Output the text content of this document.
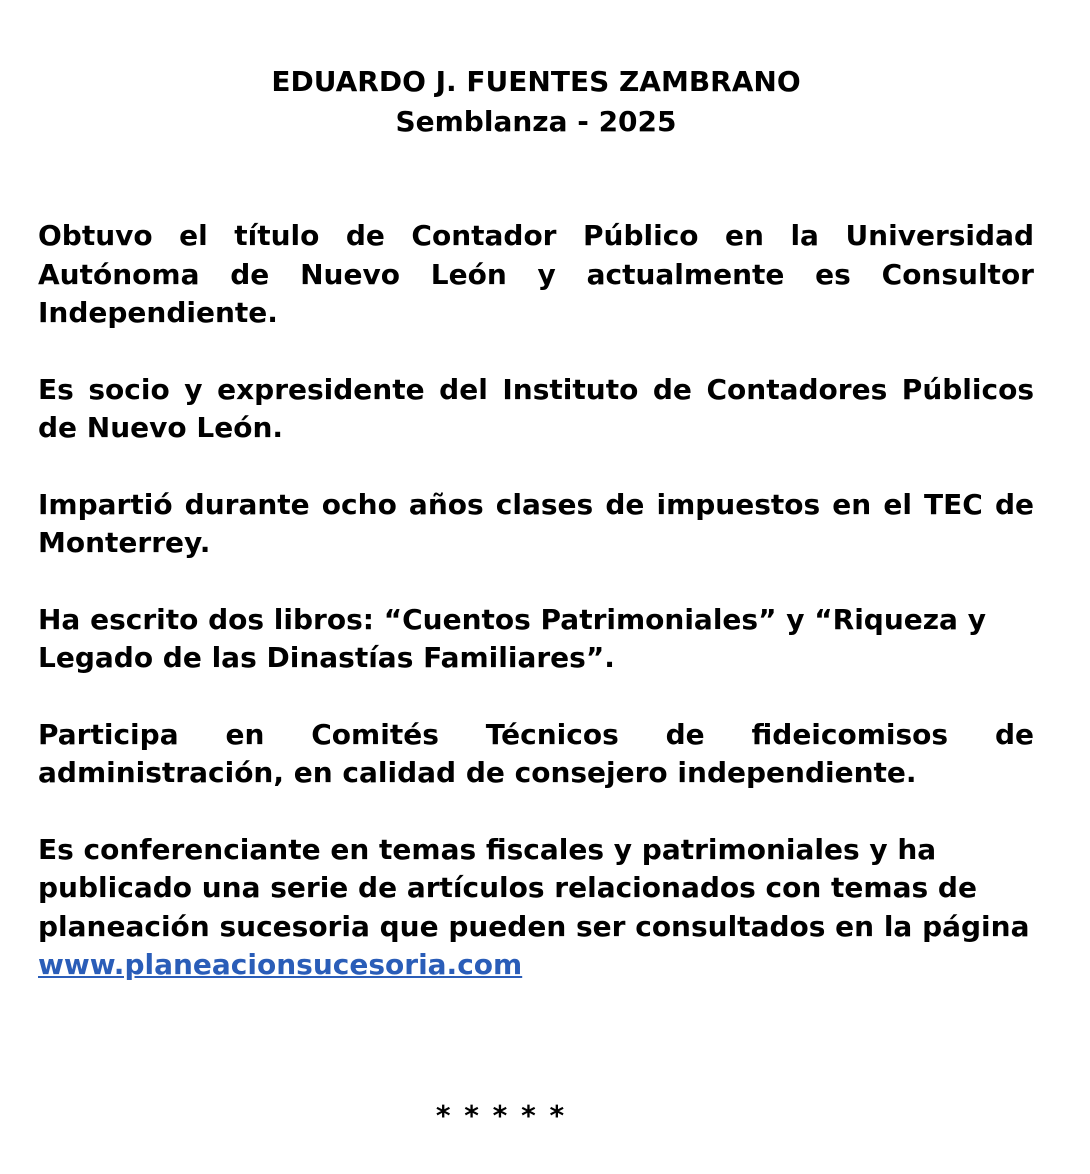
EDUARDO J. FUENTES ZAMBRANO
Semblanza - 2025

Obtuvo el título de Contador Público en la Universidad Autónoma de Nuevo León y actualmente es Consultor Independiente.

Es socio y expresidente del Instituto de Contadores Públicos de Nuevo León.

Impartió durante ocho años clases de impuestos en el TEC de Monterrey.

Ha escrito dos libros: “Cuentos Patrimoniales” y “Riqueza y Legado de las Dinastías Familiares”.

Participa en Comités Técnicos de fideicomisos de administración, en calidad de consejero independiente.

Es conferenciante en temas fiscales y patrimoniales y ha publicado una serie de artículos relacionados con temas de planeación sucesoria que pueden ser consultados en la página www.planeacionsucesoria.com

* * * * *
